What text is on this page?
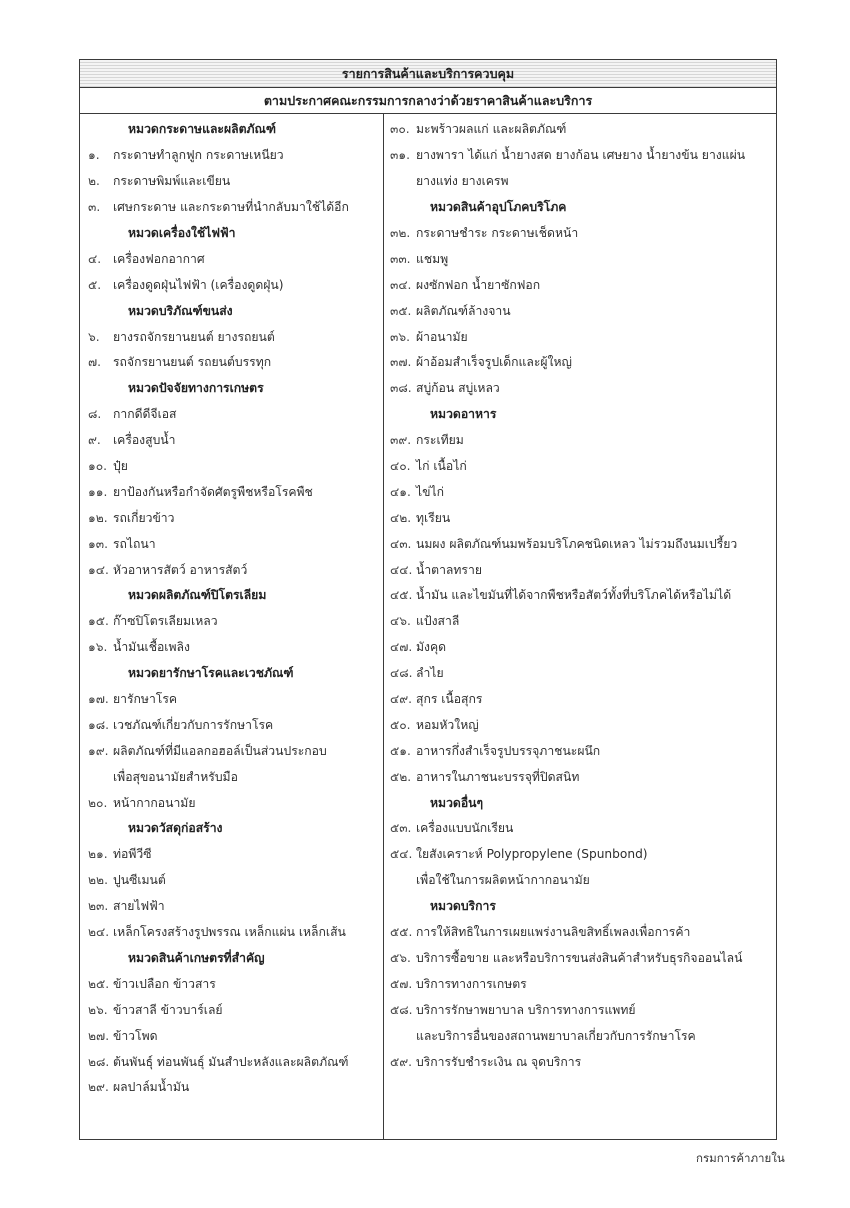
รายการสินค้าและบริการควบคุม
ตามประกาศคณะกรรมการกลางว่าด้วยราคาสินค้าและบริการ
หมวดกระดาษและผลิตภัณฑ์
๑.	กระดาษทำลูกฟูก กระดาษเหนียว
๒.	กระดาษพิมพ์และเขียน
๓.	เศษกระดาษ และกระดาษที่นำกลับมาใช้ได้อีก
หมวดเครื่องใช้ไฟฟ้า
๔. เครื่องฟอกอากาศ
๕. เครื่องดูดฝุ่นไฟฟ้า (เครื่องดูดฝุ่น)
หมวดบริภัณฑ์ขนส่ง
๖.	ยางรถจักรยานยนต์ ยางรถยนต์
๗. รถจักรยานยนต์ รถยนต์บรรทุก
หมวดปัจจัยทางการเกษตร
๘. กากดีดีจีเอส
๙. เครื่องสูบน้ำ
๑๐. ปุ๋ย
๑๑. ยาป้องกันหรือกำจัดศัตรูพืชหรือโรคพืช
๑๒. รถเกี่ยวข้าว
๑๓. รถไถนา
๑๔. หัวอาหารสัตว์ อาหารสัตว์
หมวดผลิตภัณฑ์ปิโตรเลียม
๑๕. ก๊าซปิโตรเลียมเหลว
๑๖. น้ำมันเชื้อเพลิง
หมวดยารักษาโรคและเวชภัณฑ์
๑๗. ยารักษาโรค
๑๘. เวชภัณฑ์เกี่ยวกับการรักษาโรค
๑๙. ผลิตภัณฑ์ที่มีแอลกอฮอล์เป็นส่วนประกอบ
เพื่อสุขอนามัยสำหรับมือ
๒๐. หน้ากากอนามัย
หมวดวัสดุก่อสร้าง
๒๑. ท่อพีวีซี
๒๒. ปูนซีเมนต์
๒๓. สายไฟฟ้า
๒๔. เหล็กโครงสร้างรูปพรรณ เหล็กแผ่น เหล็กเส้น
หมวดสินค้าเกษตรที่สำคัญ
๒๕. ข้าวเปลือก ข้าวสาร
๒๖. ข้าวสาลี ข้าวบาร์เลย์
๒๗. ข้าวโพด
๒๘. ต้นพันธุ์ ท่อนพันธุ์ มันสำปะหลังและผลิตภัณฑ์
๒๙. ผลปาล์มน้ำมัน
๓๐. มะพร้าวผลแก่ และผลิตภัณฑ์
๓๑. ยางพารา ได้แก่ น้ำยางสด ยางก้อน เศษยาง น้ำยางข้น ยางแผ่น
ยางแท่ง ยางเครพ
หมวดสินค้าอุปโภคบริโภค
๓๒. กระดาษชำระ กระดาษเช็ดหน้า
๓๓. แชมพู
๓๔. ผงซักฟอก น้ำยาซักฟอก
๓๕. ผลิตภัณฑ์ล้างจาน
๓๖. ผ้าอนามัย
๓๗. ผ้าอ้อมสำเร็จรูปเด็กและผู้ใหญ่
๓๘. สบู่ก้อน สบู่เหลว
หมวดอาหาร
๓๙. กระเทียม
๔๐. ไก่ เนื้อไก่
๔๑. ไข่ไก่
๔๒. ทุเรียน
๔๓. นมผง ผลิตภัณฑ์นมพร้อมบริโภคชนิดเหลว ไม่รวมถึงนมเปรี้ยว
๔๔. น้ำตาลทราย
๔๕. น้ำมัน และไขมันที่ได้จากพืชหรือสัตว์ทั้งที่บริโภคได้หรือไม่ได้
๔๖. แป้งสาลี
๔๗. มังคุด
๔๘. ลำไย
๔๙. สุกร เนื้อสุกร
๕๐. หอมหัวใหญ่
๕๑. อาหารกึ่งสำเร็จรูปบรรจุภาชนะผนึก
๕๒. อาหารในภาชนะบรรจุที่ปิดสนิท
หมวดอื่นๆ
๕๓. เครื่องแบบนักเรียน
๕๔. ใยสังเคราะห์ Polypropylene (Spunbond)
เพื่อใช้ในการผลิตหน้ากากอนามัย
หมวดบริการ
๕๕. การให้สิทธิในการเผยแพร่งานลิขสิทธิ์เพลงเพื่อการค้า
๕๖. บริการซื้อขาย และหรือบริการขนส่งสินค้าสำหรับธุรกิจออนไลน์
๕๗. บริการทางการเกษตร
๕๘. บริการรักษาพยาบาล บริการทางการแพทย์
และบริการอื่นของสถานพยาบาลเกี่ยวกับการรักษาโรค
๕๙. บริการรับชำระเงิน ณ จุดบริการ
กรมการค้าภายใน
